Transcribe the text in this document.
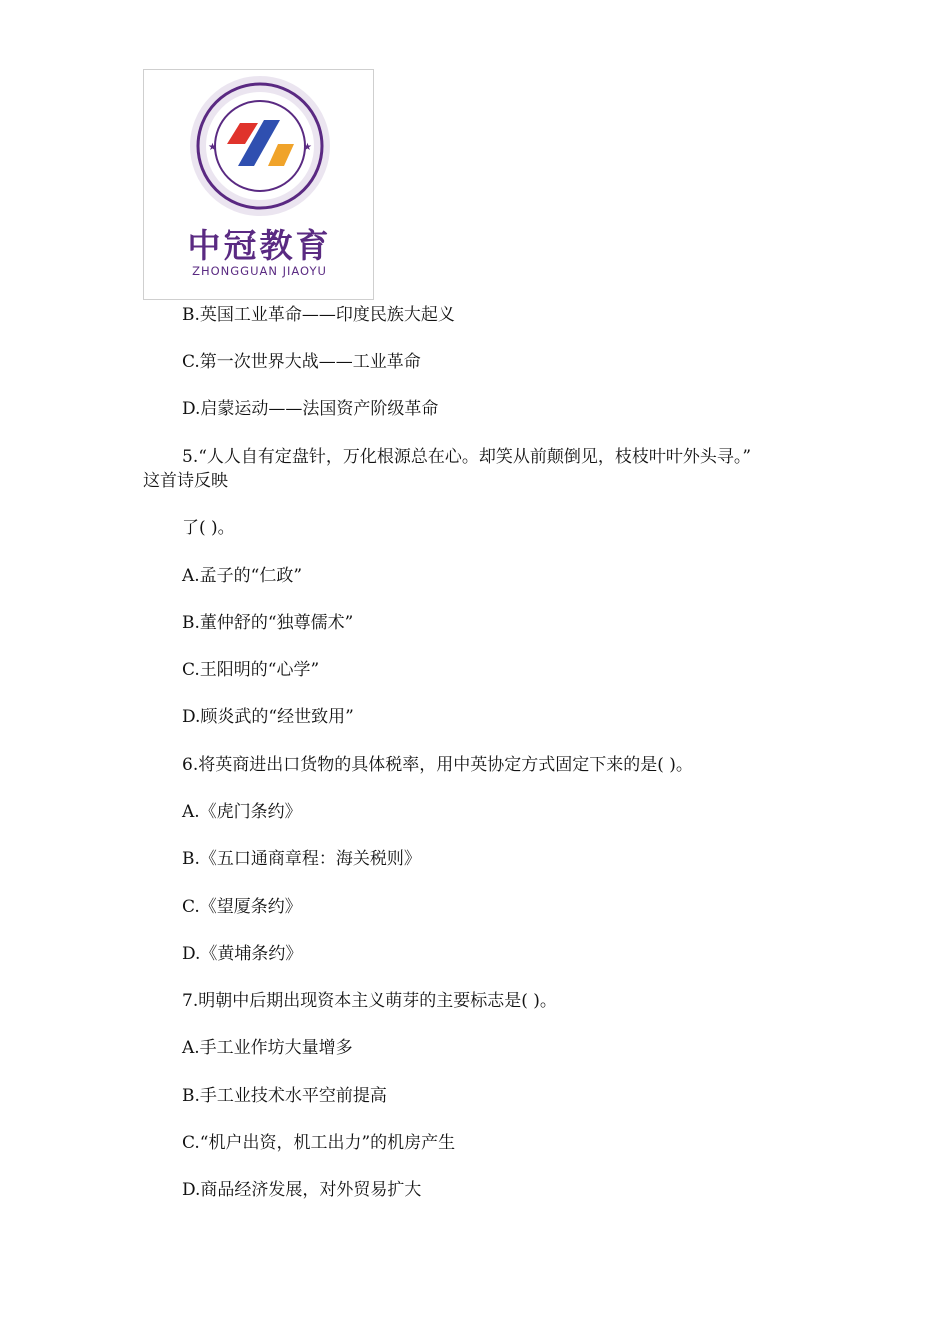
★	★
中冠教育
ZHONGGUAN JIAOYU
B.英国工业革命——印度民族大起义
C.第一次世界大战——工业革命
D.启蒙运动——法国资产阶级革命
5.“人人自有定盘针，万化根源总在心。却笑从前颠倒见，枝枝叶叶外头寻。”
这首诗反映
了( )。
A.孟子的“仁政”
B.董仲舒的“独尊儒术”
C.王阳明的“心学”
D.顾炎武的“经世致用”
6.将英商进出口货物的具体税率，用中英协定方式固定下来的是( )。
A.《虎门条约》
B.《五口通商章程：海关税则》
C.《望厦条约》
D.《黄埔条约》
7.明朝中后期出现资本主义萌芽的主要标志是( )。
A.手工业作坊大量增多
B.手工业技术水平空前提高
C.“机户出资，机工出力”的机房产生
D.商品经济发展，对外贸易扩大
